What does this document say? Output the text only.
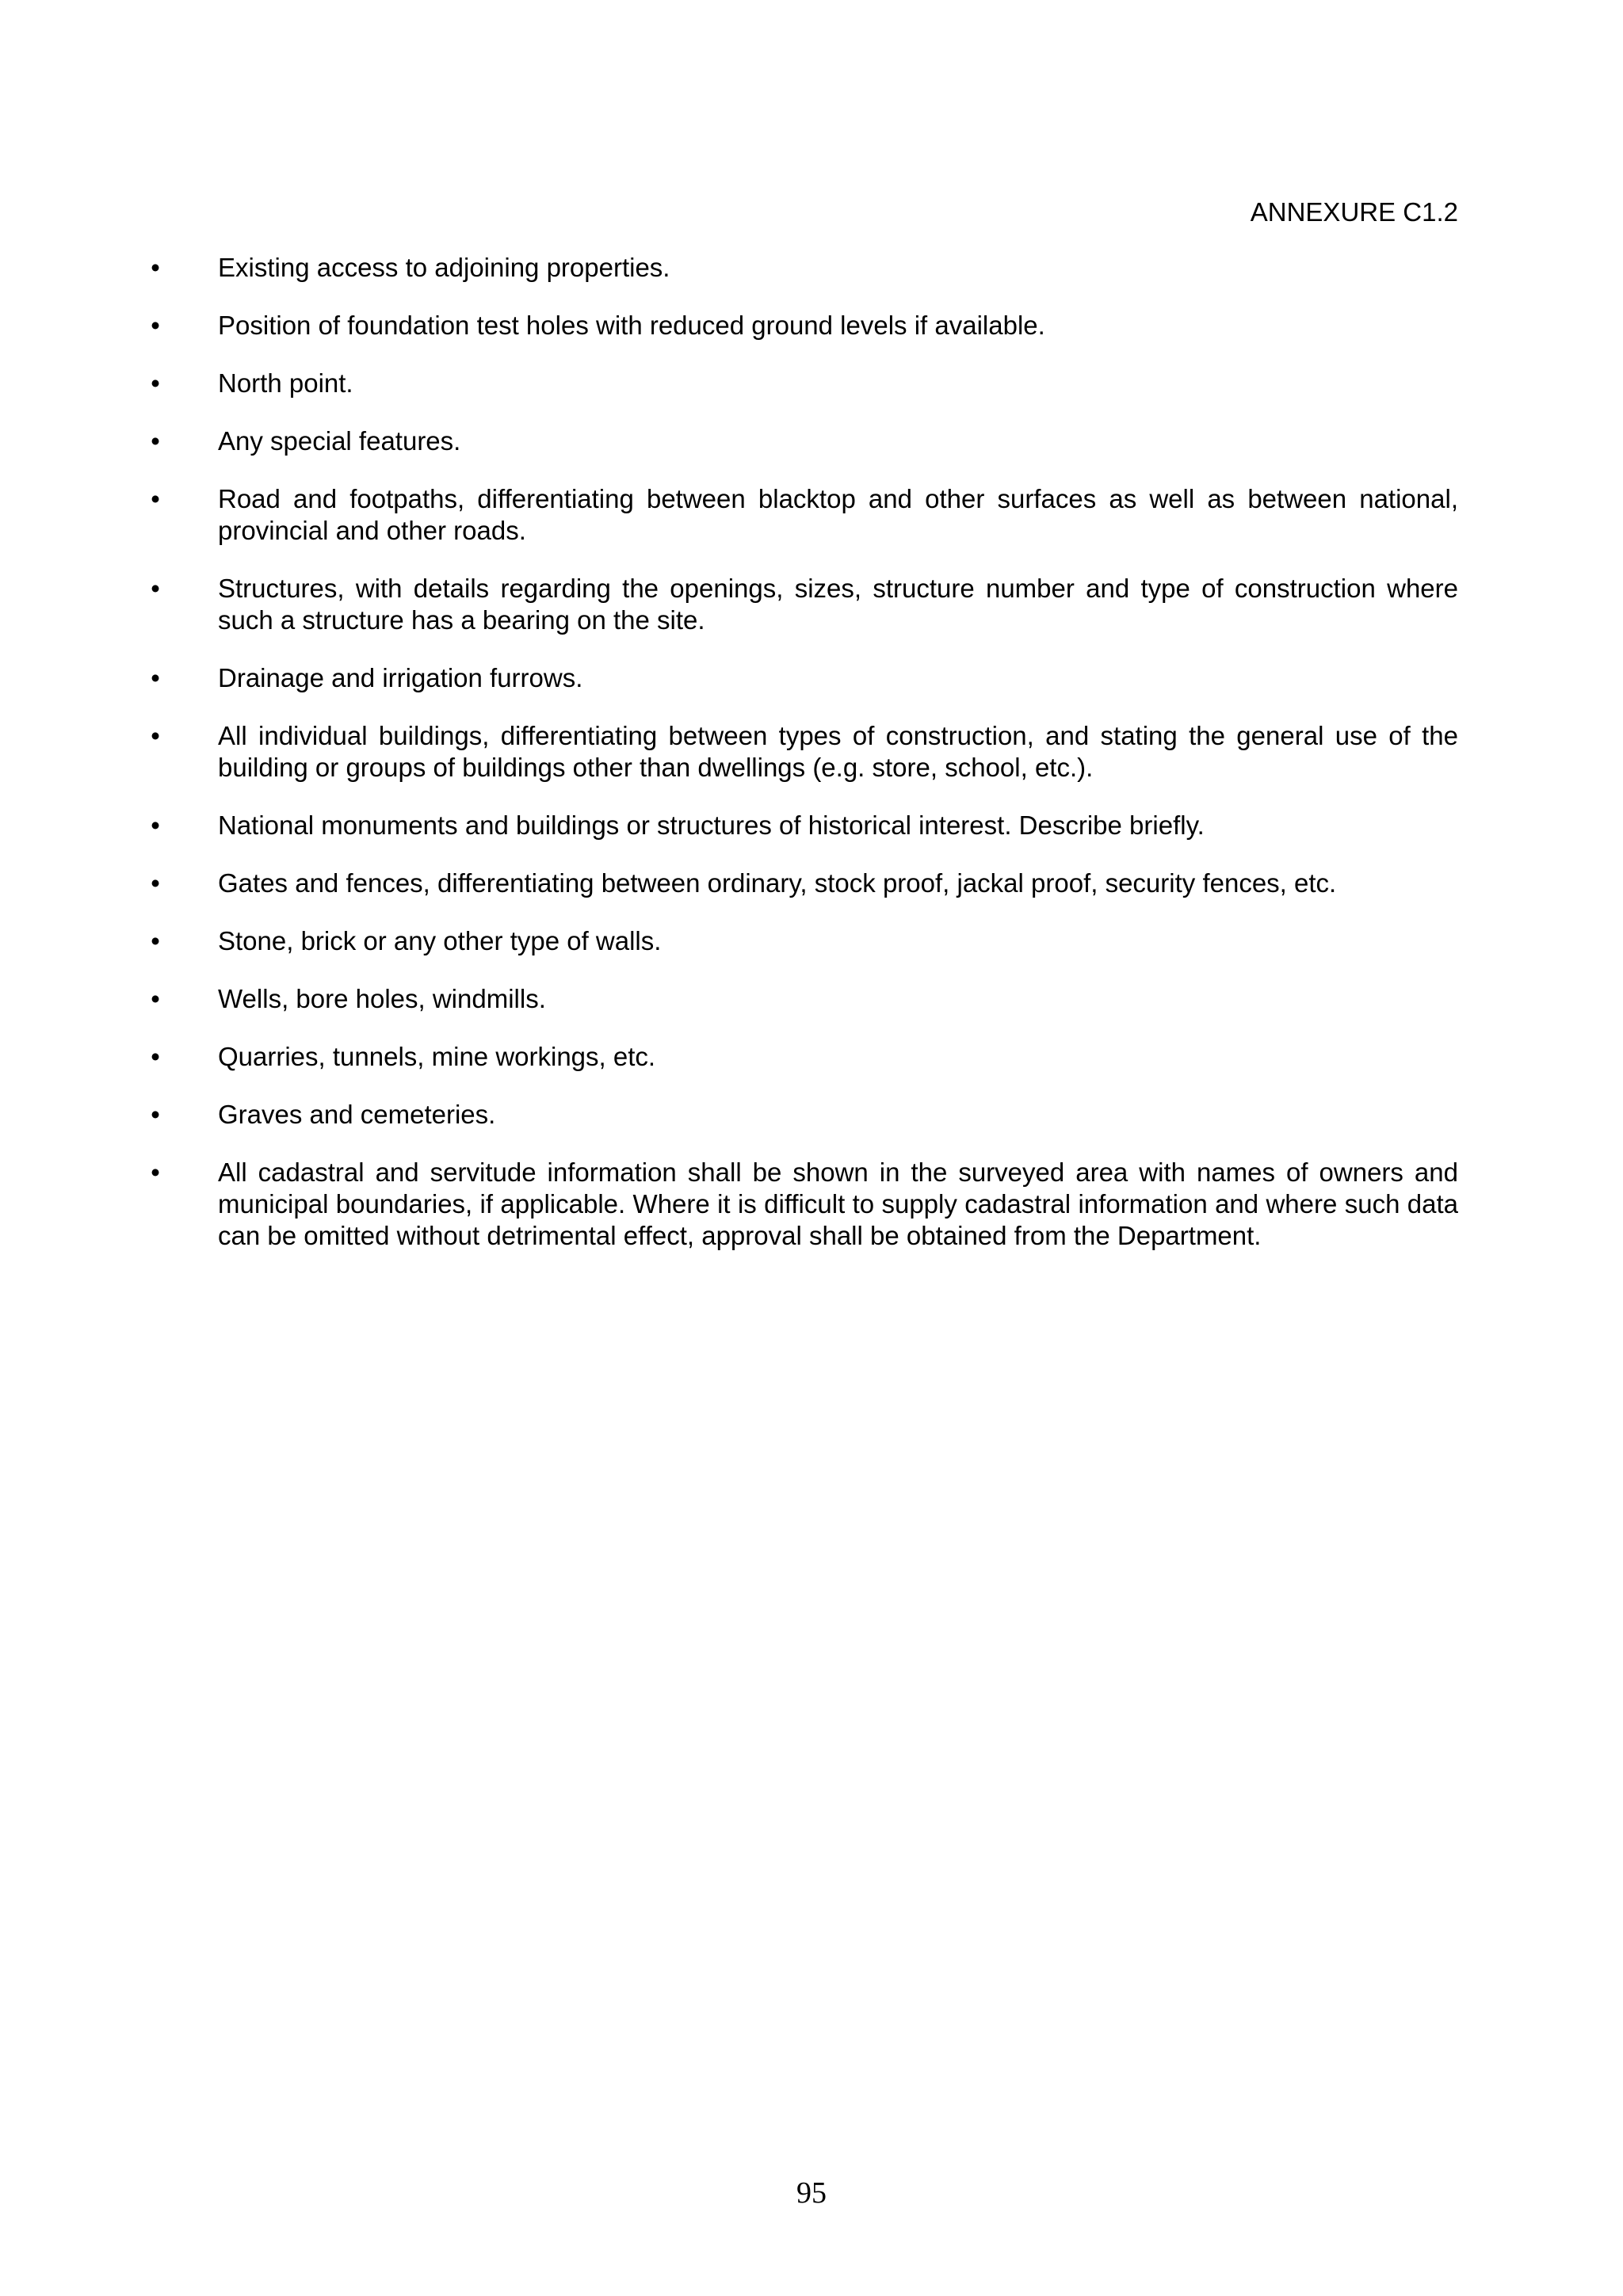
ANNEXURE C1.2

• Existing access to adjoining properties.
• Position of foundation test holes with reduced ground levels if available.
• North point.
• Any special features.
• Road and footpaths, differentiating between blacktop and other surfaces as well as between national, provincial and other roads.
• Structures, with details regarding the openings, sizes, structure number and type of construction where such a structure has a bearing on the site.
• Drainage and irrigation furrows.
• All individual buildings, differentiating between types of construction, and stating the general use of the building or groups of buildings other than dwellings (e.g. store, school, etc.).
• National monuments and buildings or structures of historical interest. Describe briefly.
• Gates and fences, differentiating between ordinary, stock proof, jackal proof, security fences, etc.
• Stone, brick or any other type of walls.
• Wells, bore holes, windmills.
• Quarries, tunnels, mine workings, etc.
• Graves and cemeteries.
• All cadastral and servitude information shall be shown in the surveyed area with names of owners and municipal boundaries, if applicable. Where it is difficult to supply cadastral information and where such data can be omitted without detrimental effect, approval shall be obtained from the Department.

95
